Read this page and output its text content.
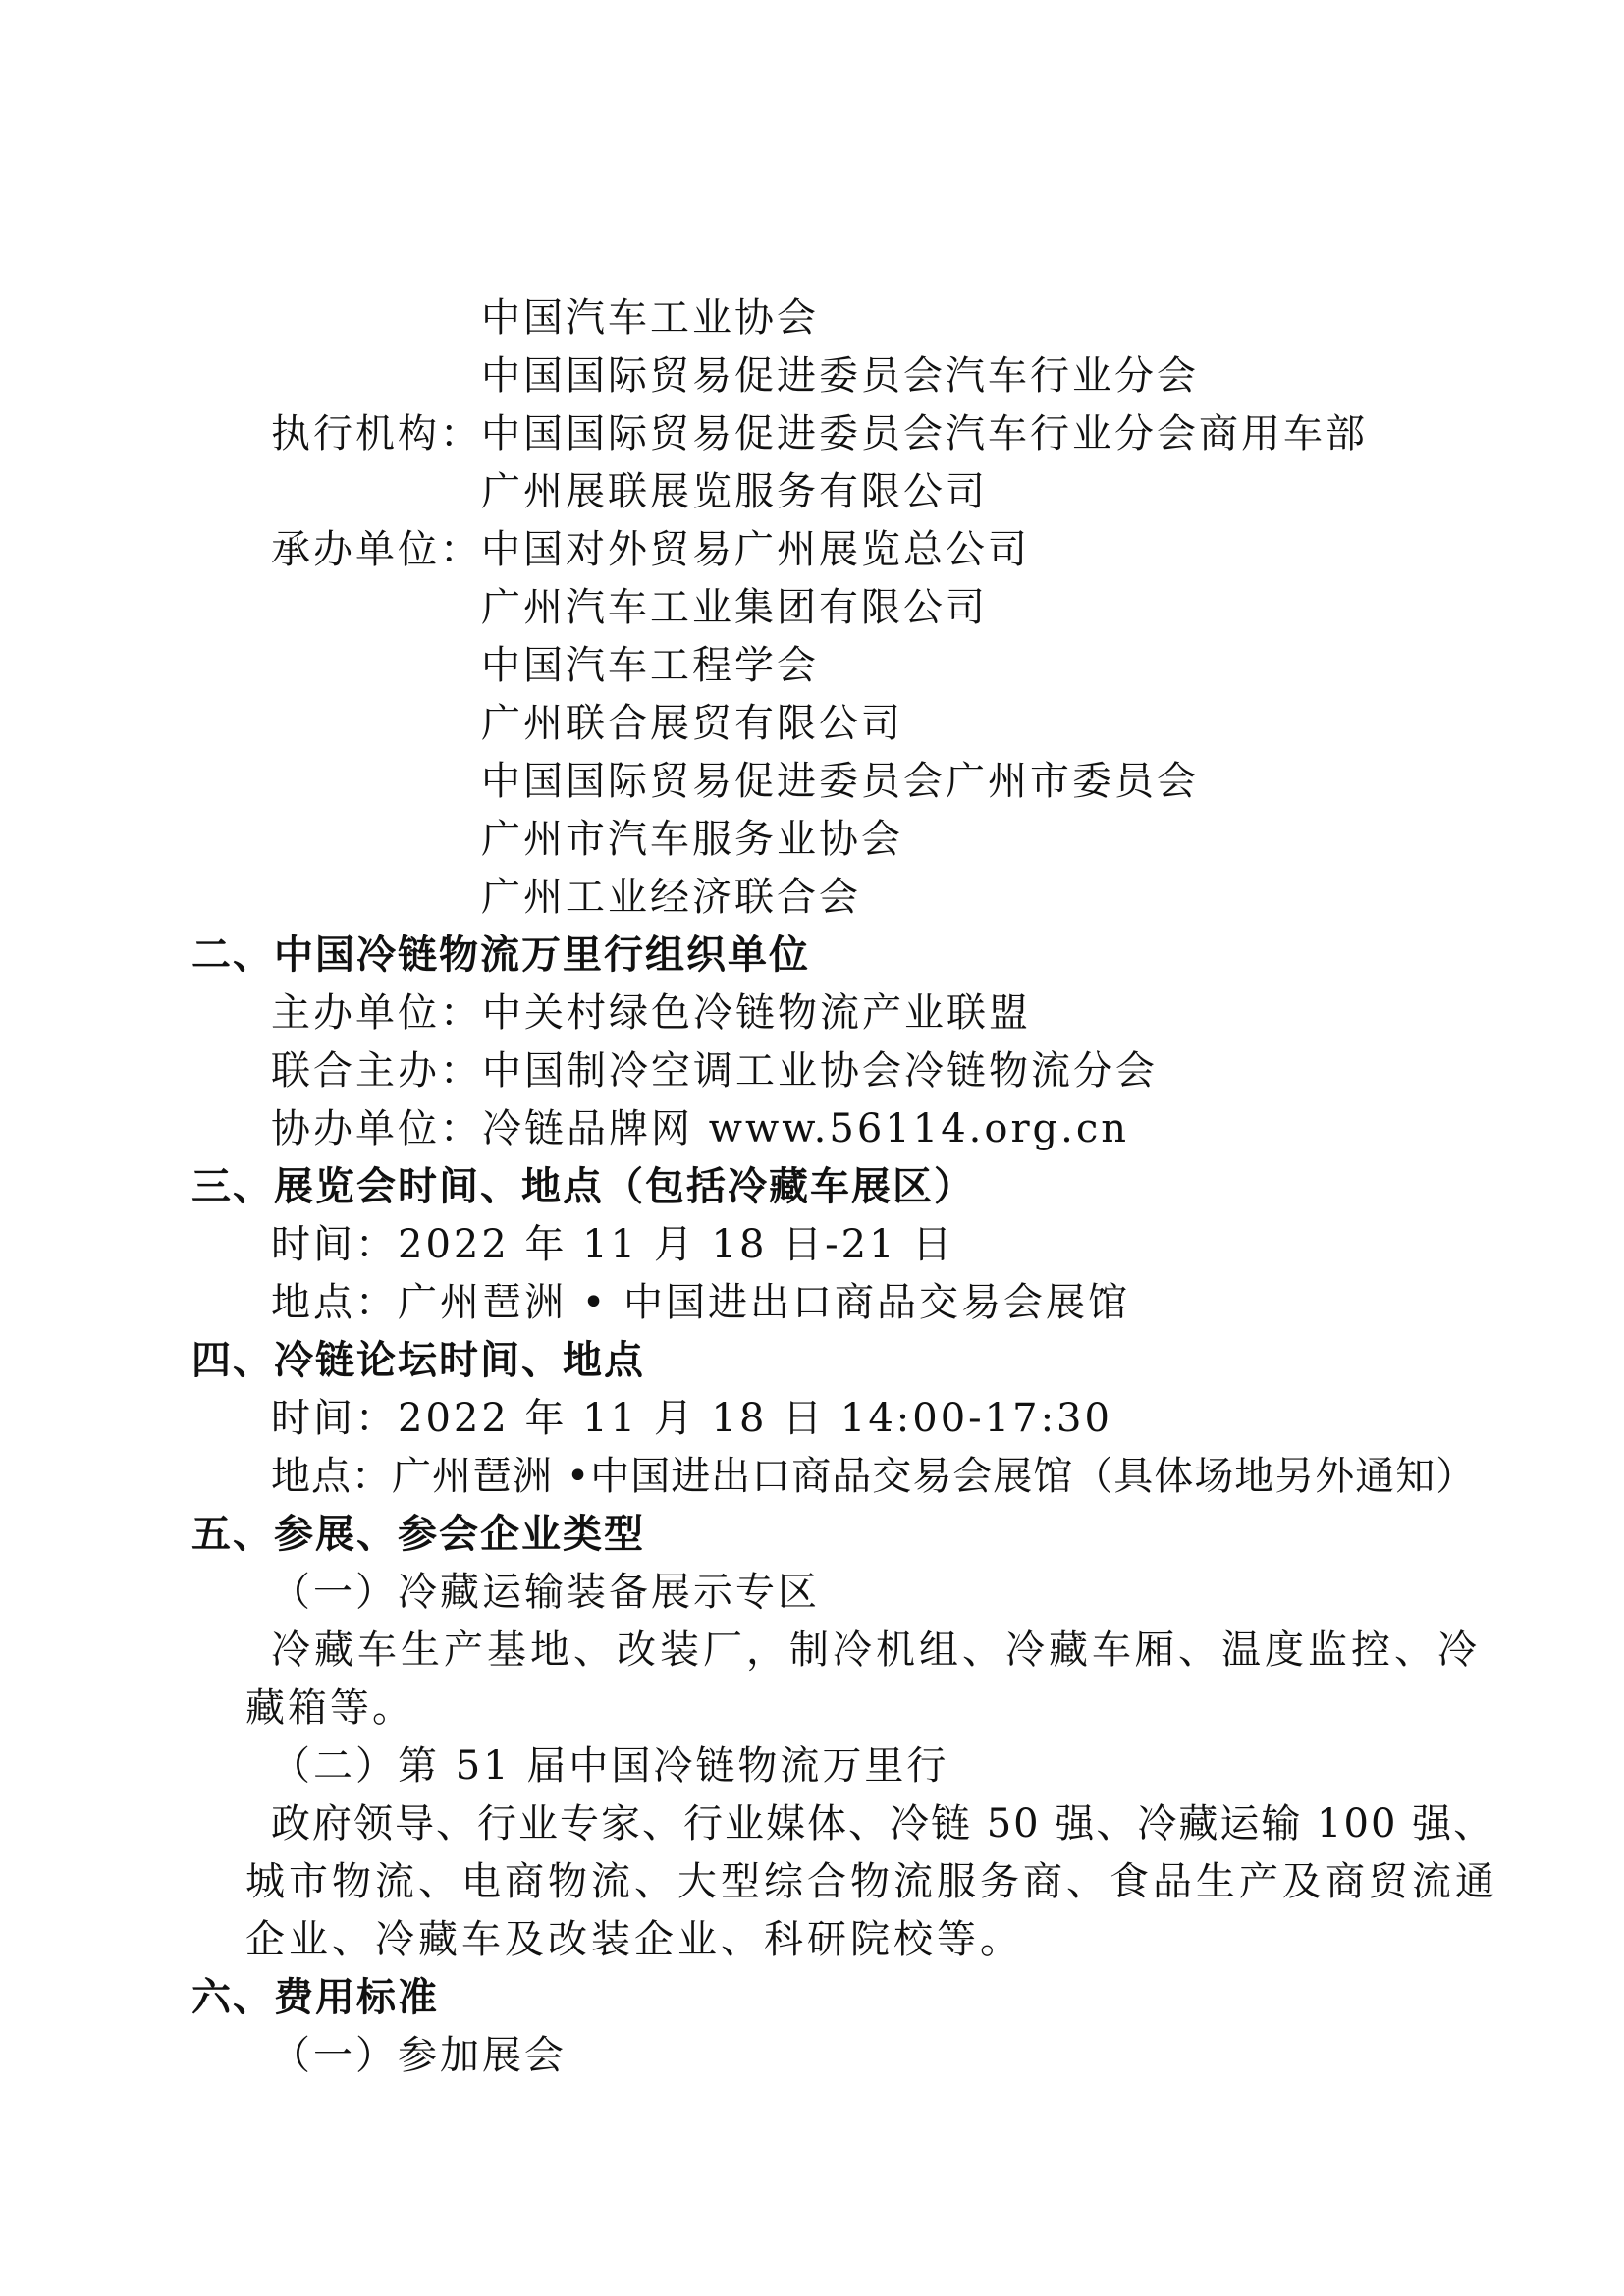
中国汽车工业协会
中国国际贸易促进委员会汽车行业分会
执行机构： 中国国际贸易促进委员会汽车行业分会商用车部
广州展联展览服务有限公司
承办单位： 中国对外贸易广州展览总公司
广州汽车工业集团有限公司
中国汽车工程学会
广州联合展贸有限公司
中国国际贸易促进委员会广州市委员会
广州市汽车服务业协会
广州工业经济联合会
二、中国冷链物流万里行组织单位
主办单位：中关村绿色冷链物流产业联盟
联合主办：中国制冷空调工业协会冷链物流分会
协办单位：冷链品牌网 www.56114.org.cn
三、展览会时间、地点（包括冷藏车展区）
时间：2022 年 11 月 18 日-21 日
地点：广州琶洲 • 中国进出口商品交易会展馆
四、冷链论坛时间、地点
时间：2022 年 11 月 18 日 14:00-17:30
地点：广州琶洲 •中国进出口商品交易会展馆（具体场地另外通知）
五、参展、参会企业类型
（一）冷藏运输装备展示专区
冷藏车生产基地、改装厂，制冷机组、冷藏车厢、温度监控、冷
藏箱等。
（二）第 51 届中国冷链物流万里行
政府领导、行业专家、行业媒体、冷链 50 强、冷藏运输 100 强、
城市物流、电商物流、大型综合物流服务商、食品生产及商贸流通
企业、冷藏车及改装企业、科研院校等。
六、费用标准
（一）参加展会
